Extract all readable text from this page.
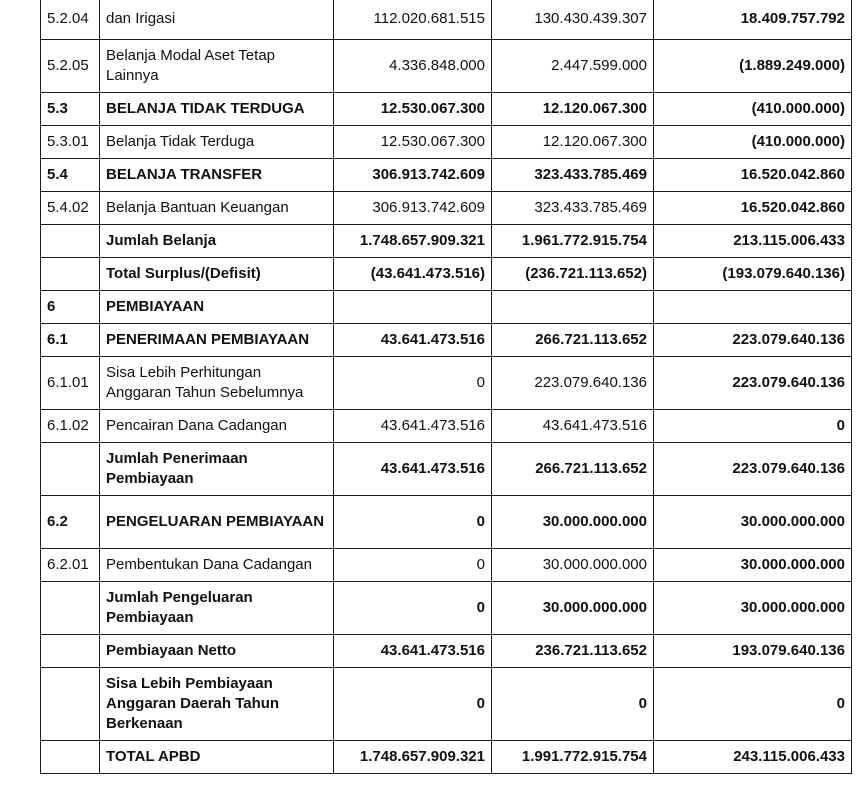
5.2.04	dan Irigasi	112.020.681.515	130.430.439.307	18.409.757.792
5.2.05	Belanja Modal Aset Tetap Lainnya	4.336.848.000	2.447.599.000	(1.889.249.000)
5.3	BELANJA TIDAK TERDUGA	12.530.067.300	12.120.067.300	(410.000.000)
5.3.01	Belanja Tidak Terduga	12.530.067.300	12.120.067.300	(410.000.000)
5.4	BELANJA TRANSFER	306.913.742.609	323.433.785.469	16.520.042.860
5.4.02	Belanja Bantuan Keuangan	306.913.742.609	323.433.785.469	16.520.042.860
	Jumlah Belanja	1.748.657.909.321	1.961.772.915.754	213.115.006.433
	Total Surplus/(Defisit)	(43.641.473.516)	(236.721.113.652)	(193.079.640.136)
6	PEMBIAYAAN			
6.1	PENERIMAAN PEMBIAYAAN	43.641.473.516	266.721.113.652	223.079.640.136
6.1.01	Sisa Lebih Perhitungan Anggaran Tahun Sebelumnya	0	223.079.640.136	223.079.640.136
6.1.02	Pencairan Dana Cadangan	43.641.473.516	43.641.473.516	0
	Jumlah Penerimaan Pembiayaan	43.641.473.516	266.721.113.652	223.079.640.136
6.2	PENGELUARAN PEMBIAYAAN	0	30.000.000.000	30.000.000.000
6.2.01	Pembentukan Dana Cadangan	0	30.000.000.000	30.000.000.000
	Jumlah Pengeluaran Pembiayaan	0	30.000.000.000	30.000.000.000
	Pembiayaan Netto	43.641.473.516	236.721.113.652	193.079.640.136
	Sisa Lebih Pembiayaan Anggaran Daerah Tahun Berkenaan	0	0	0
	TOTAL APBD	1.748.657.909.321	1.991.772.915.754	243.115.006.433
